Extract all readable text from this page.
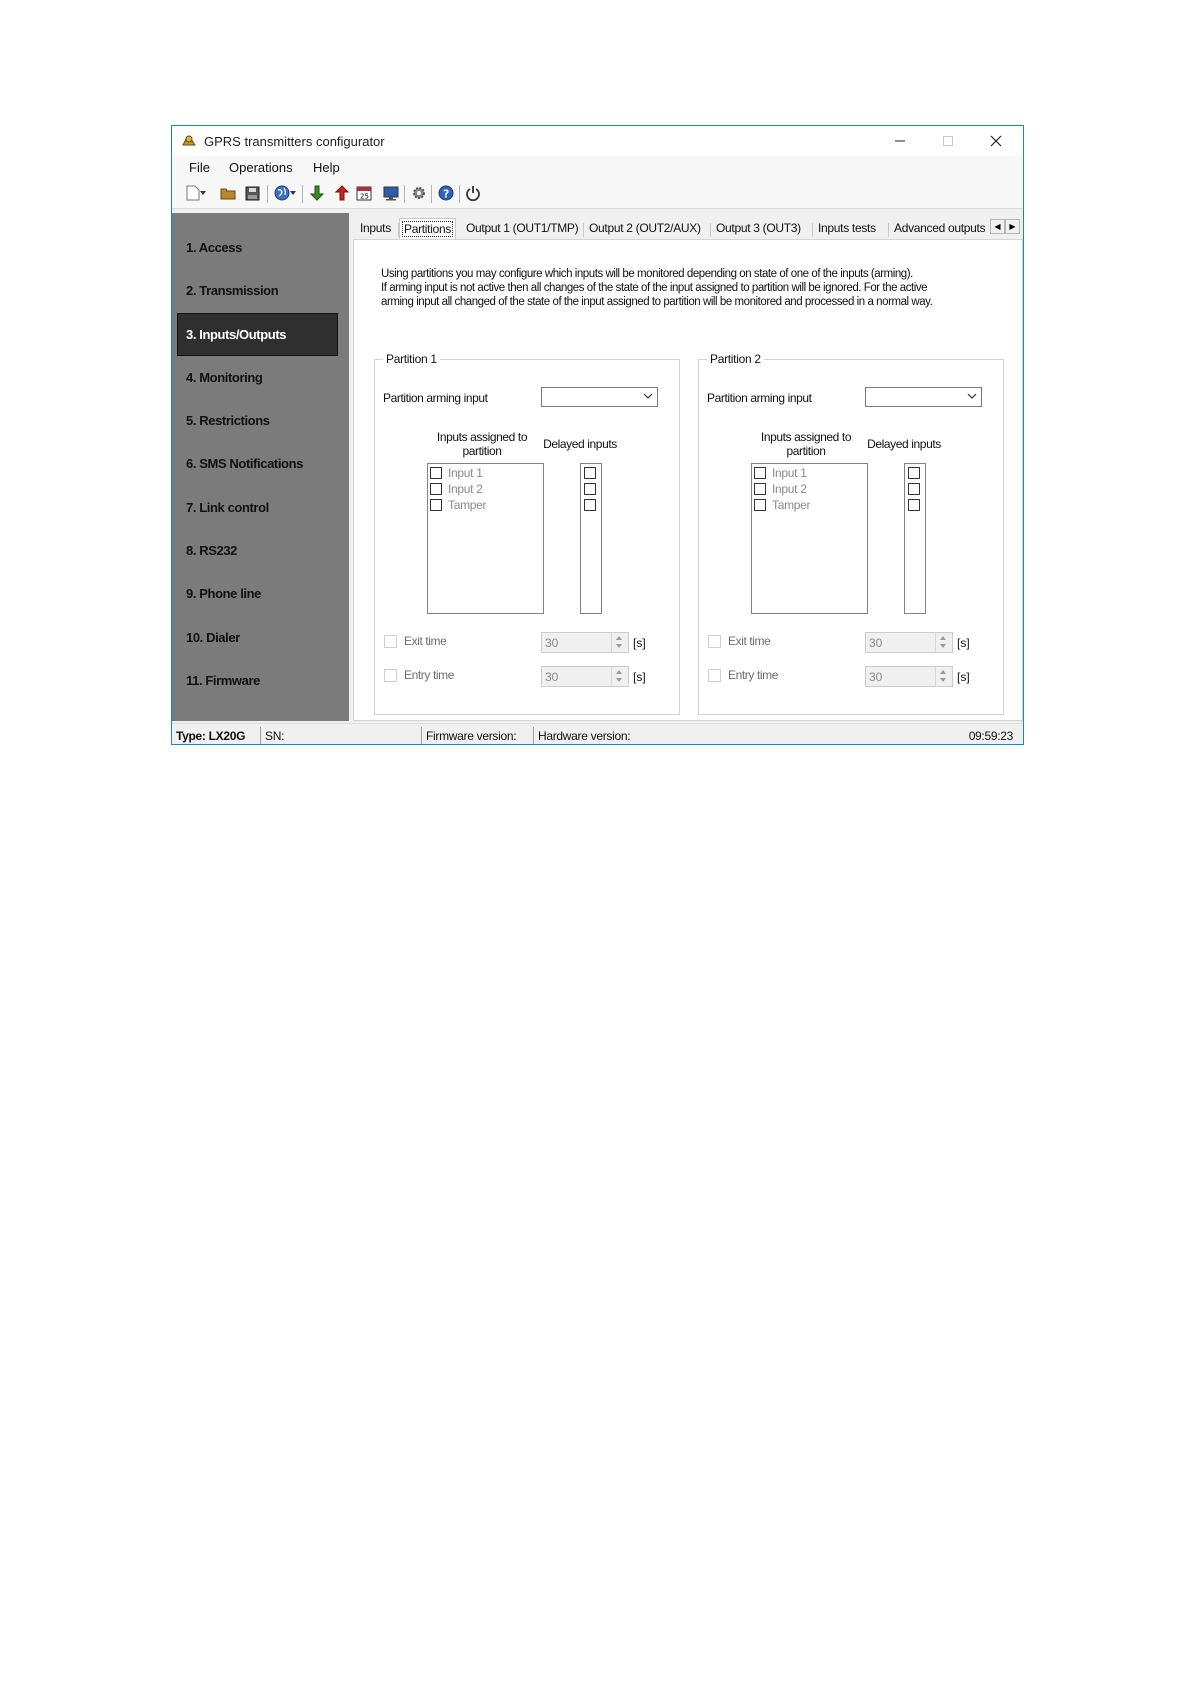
GPRS transmitters configurator
File Operations Help
25	?
1. Access
2. Transmission
3. Inputs/Outputs
4. Monitoring
5. Restrictions
6. SMS Notifications
7. Link control
8. RS232
9. Phone line
10. Dialer
11. Firmware
Inputs	Partitions	Output 1 (OUT1/TMP) Output 2 (OUT2/AUX) Output 3 (OUT3) Inputs tests Advanced outputs	◀	▶
Using partitions you may configure which inputs will be monitored depending on state of one of the inputs (arming).
If arming input is not active then all changes of the state of the input assigned to partition will be ignored. For the active
arming input all changed of the state of the input assigned to partition will be monitored and processed in a normal way.
Partition 1
Partition arming input
Inputs assigned to
partition	Delayed inputs
Input 1
Input 2
Tamper
Exit time	30	[s]
Entry time	30	[s]
Partition 2
Partition arming input
Inputs assigned to
partition	Delayed inputs
Input 1
Input 2
Tamper
Exit time	30	[s]
Entry time	30	[s]
Type: LX20G SN:	Firmware version: Hardware version:	09:59:23
